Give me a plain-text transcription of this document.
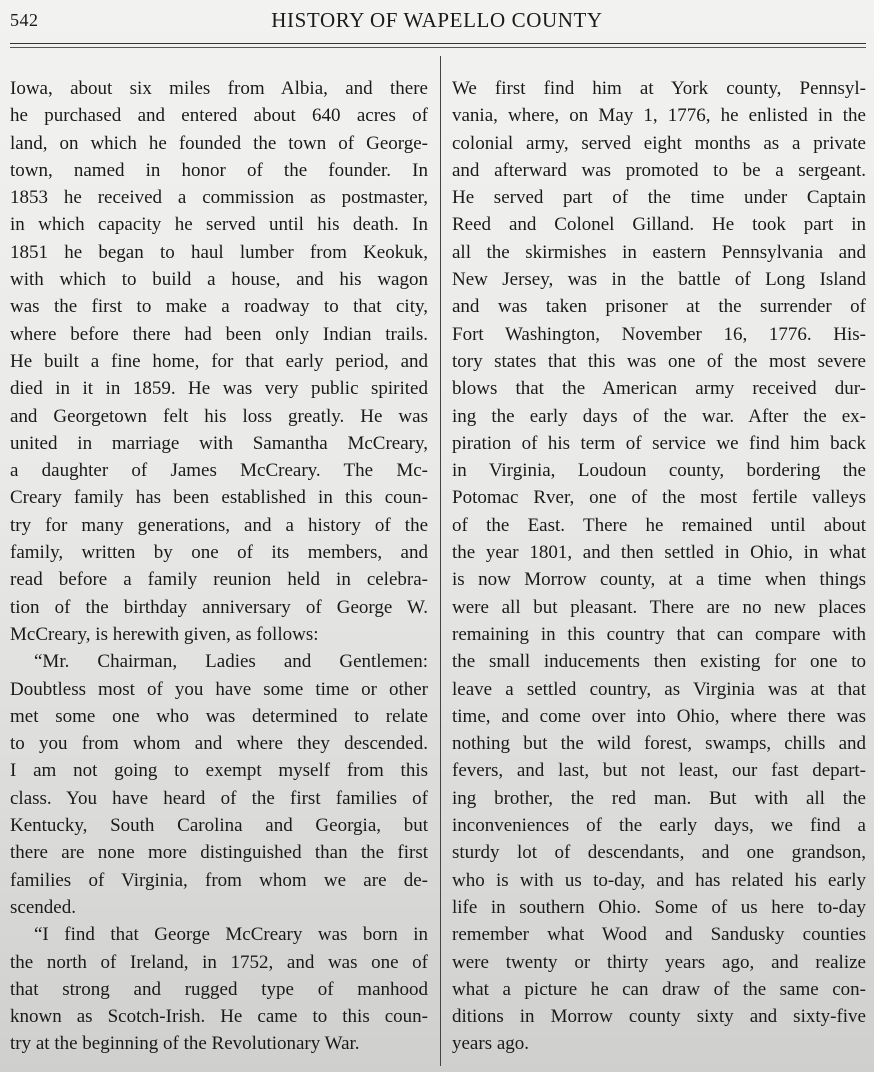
542	HISTORY OF WAPELLO COUNTY
Iowa, about six miles from Albia, and there
he purchased and entered about 640 acres of
land, on which he founded the town of George-
town, named in honor of the founder. In
1853 he received a commission as postmaster,
in which capacity he served until his death. In
1851 he began to haul lumber from Keokuk,
with which to build a house, and his wagon
was the first to make a roadway to that city,
where before there had been only Indian trails.
He built a fine home, for that early period, and
died in it in 1859. He was very public spirited
and Georgetown felt his loss greatly. He was
united in marriage with Samantha McCreary,
a daughter of James McCreary. The Mc-
Creary family has been established in this coun-
try for many generations, and a history of the
family, written by one of its members, and
read before a family reunion held in celebra-
tion of the birthday anniversary of George W.
McCreary, is herewith given, as follows:
“Mr. Chairman, Ladies and Gentlemen:
Doubtless most of you have some time or other
met some one who was determined to relate
to you from whom and where they descended.
I am not going to exempt myself from this
class. You have heard of the first families of
Kentucky, South Carolina and Georgia, but
there are none more distinguished than the first
families of Virginia, from whom we are de-
scended.
“I find that George McCreary was born in
the north of Ireland, in 1752, and was one of
that strong and rugged type of manhood
known as Scotch-Irish. He came to this coun-
try at the beginning of the Revolutionary War.
We first find him at York county, Pennsyl-
vania, where, on May 1, 1776, he enlisted in the
colonial army, served eight months as a private
and afterward was promoted to be a sergeant.
He served part of the time under Captain
Reed and Colonel Gilland. He took part in
all the skirmishes in eastern Pennsylvania and
New Jersey, was in the battle of Long Island
and was taken prisoner at the surrender of
Fort Washington, November 16, 1776. His-
tory states that this was one of the most severe
blows that the American army received dur-
ing the early days of the war. After the ex-
piration of his term of service we find him back
in Virginia, Loudoun county, bordering the
Potomac Rver, one of the most fertile valleys
of the East. There he remained until about
the year 1801, and then settled in Ohio, in what
is now Morrow county, at a time when things
were all but pleasant. There are no new places
remaining in this country that can compare with
the small inducements then existing for one to
leave a settled country, as Virginia was at that
time, and come over into Ohio, where there was
nothing but the wild forest, swamps, chills and
fevers, and last, but not least, our fast depart-
ing brother, the red man. But with all the
inconveniences of the early days, we find a
sturdy lot of descendants, and one grandson,
who is with us to-day, and has related his early
life in southern Ohio. Some of us here to-day
remember what Wood and Sandusky counties
were twenty or thirty years ago, and realize
what a picture he can draw of the same con-
ditions in Morrow county sixty and sixty-five
years ago.
